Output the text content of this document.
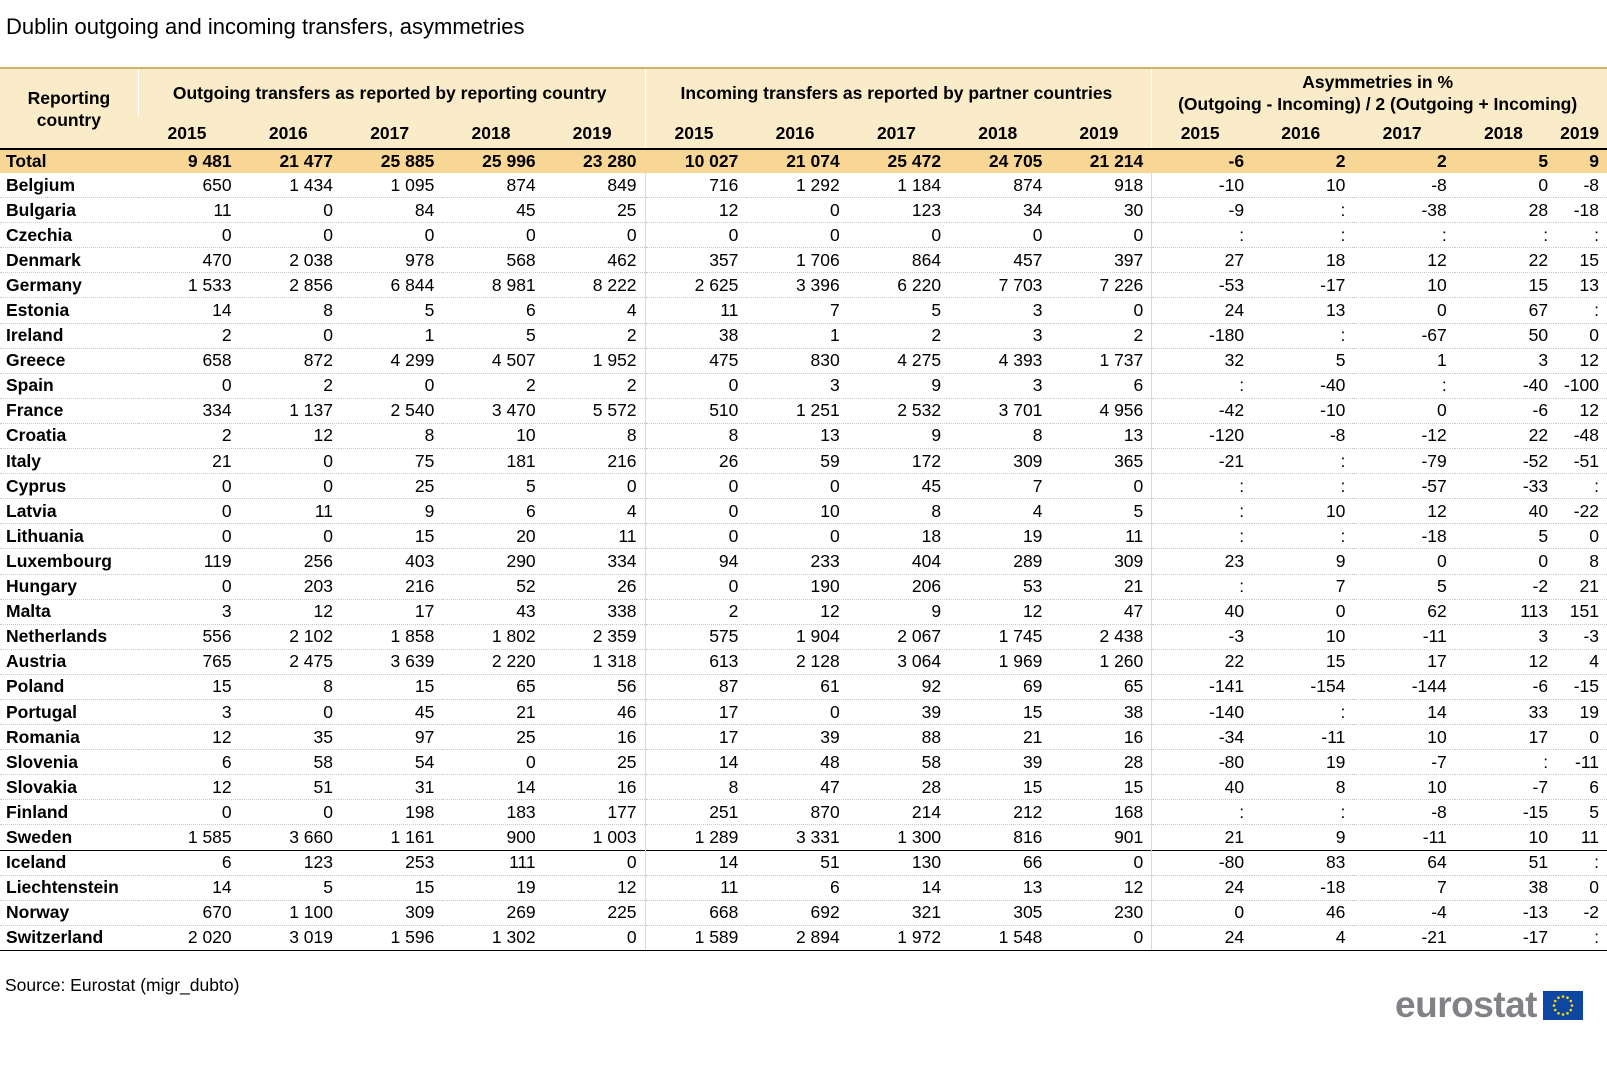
Dublin outgoing and incoming transfers, asymmetries
Reporting country	Outgoing transfers as reported by reporting country					Incoming transfers as reported by partner countries					Asymmetries in %
(Outgoing - Incoming) / 2 (Outgoing + Incoming)				

	2015	2016	2017	2018	2019	2015	2016	2017	2018	2019	2015	2016	2017	2018	2019
Total	9 481	21 477	25 885	25 996	23 280	10 027	21 074	25 472	24 705	21 214	-6	2	2	5	9
Belgium	650	1 434	1 095	874	849	716	1 292	1 184	874	918	-10	10	-8	0	-8
Bulgaria	11	0	84	45	25	12	0	123	34	30	-9	:	-38	28	-18
Czechia	0	0	0	0	0	0	0	0	0	0	:	:	:	:	:
Denmark	470	2 038	978	568	462	357	1 706	864	457	397	27	18	12	22	15
Germany	1 533	2 856	6 844	8 981	8 222	2 625	3 396	6 220	7 703	7 226	-53	-17	10	15	13
Estonia	14	8	5	6	4	11	7	5	3	0	24	13	0	67	:
Ireland	2	0	1	5	2	38	1	2	3	2	-180	:	-67	50	0
Greece	658	872	4 299	4 507	1 952	475	830	4 275	4 393	1 737	32	5	1	3	12
Spain	0	2	0	2	2	0	3	9	3	6	:	-40	:	-40	-100
France	334	1 137	2 540	3 470	5 572	510	1 251	2 532	3 701	4 956	-42	-10	0	-6	12
Croatia	2	12	8	10	8	8	13	9	8	13	-120	-8	-12	22	-48
Italy	21	0	75	181	216	26	59	172	309	365	-21	:	-79	-52	-51
Cyprus	0	0	25	5	0	0	0	45	7	0	:	:	-57	-33	:
Latvia	0	11	9	6	4	0	10	8	4	5	:	10	12	40	-22
Lithuania	0	0	15	20	11	0	0	18	19	11	:	:	-18	5	0
Luxembourg	119	256	403	290	334	94	233	404	289	309	23	9	0	0	8
Hungary	0	203	216	52	26	0	190	206	53	21	:	7	5	-2	21
Malta	3	12	17	43	338	2	12	9	12	47	40	0	62	113	151
Netherlands	556	2 102	1 858	1 802	2 359	575	1 904	2 067	1 745	2 438	-3	10	-11	3	-3
Austria	765	2 475	3 639	2 220	1 318	613	2 128	3 064	1 969	1 260	22	15	17	12	4
Poland	15	8	15	65	56	87	61	92	69	65	-141	-154	-144	-6	-15
Portugal	3	0	45	21	46	17	0	39	15	38	-140	:	14	33	19
Romania	12	35	97	25	16	17	39	88	21	16	-34	-11	10	17	0
Slovenia	6	58	54	0	25	14	48	58	39	28	-80	19	-7	:	-11
Slovakia	12	51	31	14	16	8	47	28	15	15	40	8	10	-7	6
Finland	0	0	198	183	177	251	870	214	212	168	:	:	-8	-15	5
Sweden	1 585	3 660	1 161	900	1 003	1 289	3 331	1 300	816	901	21	9	-11	10	11
Iceland	6	123	253	111	0	14	51	130	66	0	-80	83	64	51	:
Liechtenstein	14	5	15	19	12	11	6	14	13	12	24	-18	7	38	0
Norway	670	1 100	309	269	225	668	692	321	305	230	0	46	-4	-13	-2
Switzerland	2 020	3 019	1 596	1 302	0	1 589	2 894	1 972	1 548	0	24	4	-21	-17	:
Source: Eurostat (migr_dubto)	eurostat
